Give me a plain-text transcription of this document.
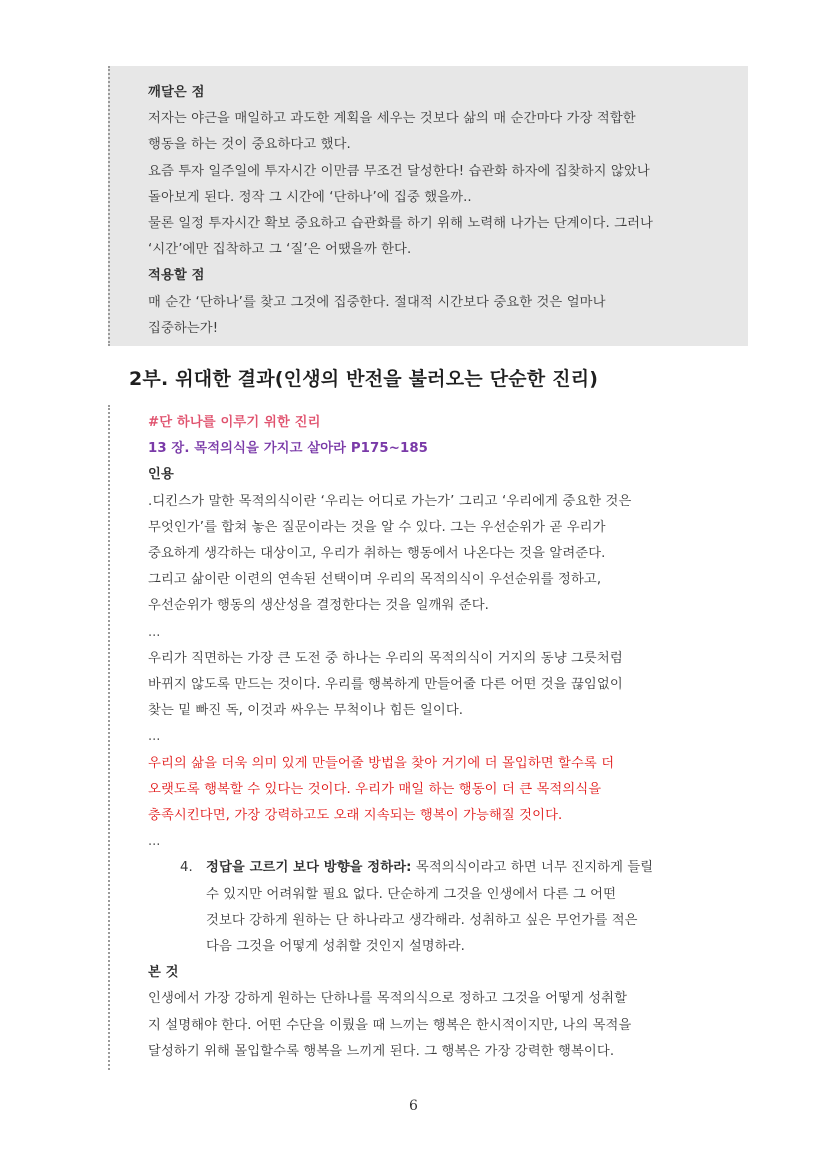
깨달은 점
저자는 야근을 매일하고 과도한 계획을 세우는 것보다 삶의 매 순간마다 가장 적합한
행동을 하는 것이 중요하다고 했다.
요즘 투자 일주일에 투자시간 이만큼 무조건 달성한다! 습관화 하자에 집찾하지 않았나
돌아보게 된다. 정작 그 시간에 ‘단하나’에 집중 했을까..
물론 일정 투자시간 확보 중요하고 습관화를 하기 위해 노력해 나가는 단계이다. 그러나
‘시간’에만 집착하고 그 ‘질’은 어땠을까 한다.
적용할 점
매 순간 ‘단하나’를 찾고 그것에 집중한다. 절대적 시간보다 중요한 것은 얼마나
집중하는가!
2부. 위대한 결과(인생의 반전을 불러오는 단순한 진리)
#단 하나를 이루기 위한 진리
13 장. 목적의식을 가지고 살아라 P175~185
인용
.디킨스가 말한 목적의식이란 ‘우리는 어디로 가는가’ 그리고 ‘우리에게 중요한 것은
무엇인가’를 합쳐 놓은 질문이라는 것을 알 수 있다. 그는 우선순위가 곧 우리가
중요하게 생각하는 대상이고, 우리가 취하는 행동에서 나온다는 것을 알려준다.
그리고 삶이란 이련의 연속된 선택이며 우리의 목적의식이 우선순위를 정하고,
우선순위가 행동의 생산성을 결정한다는 것을 일깨워 준다.
...
우리가 직면하는 가장 큰 도전 중 하나는 우리의 목적의식이 거지의 동냥 그릇처럼
바뀌지 않도록 만드는 것이다. 우리를 행복하게 만들어줄 다른 어떤 것을 끊임없이
찾는 밑 빠진 독, 이것과 싸우는 무척이나 힘든 일이다.
...
우리의 삶을 더욱 의미 있게 만들어줄 방법을 찾아 거기에 더 몰입하면 할수록 더
오랫도록 행복할 수 있다는 것이다. 우리가 매일 하는 행동이 더 큰 목적의식을
충족시킨다면, 가장 강력하고도 오래 지속되는 행복이 가능해질 것이다.
...
4. 정답을 고르기 보다 방향을 정하라: 목적의식이라고 하면 너무 진지하게 들릴
수 있지만 어려워할 필요 없다. 단순하게 그것을 인생에서 다른 그 어떤
것보다 강하게 원하는 단 하나라고 생각해라. 성취하고 싶은 무언가를 적은
다음 그것을 어떻게 성취할 것인지 설명하라.
본 것
인생에서 가장 강하게 원하는 단하나를 목적의식으로 정하고 그것을 어떻게 성취할
지 설명해야 한다. 어떤 수단을 이뤘을 때 느끼는 행복은 한시적이지만, 나의 목적을
달성하기 위해 몰입할수록 행복을 느끼게 된다. 그 행복은 가장 강력한 행복이다.
6
